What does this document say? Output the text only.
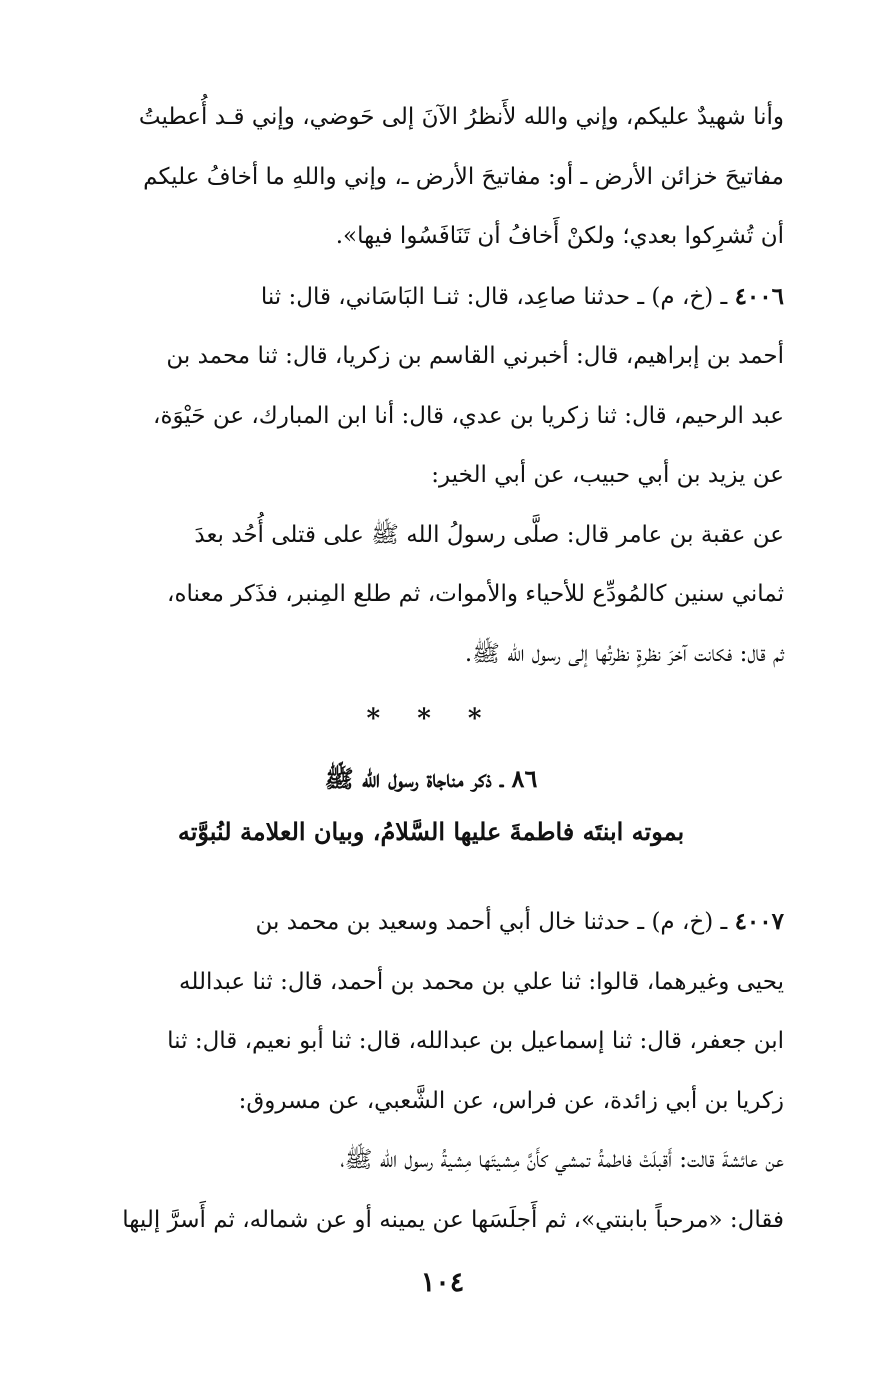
وأنا شهيدٌ عليكم، وإني والله لأَنظرُ الآنَ إلى حَوضي، وإني قـد أُعطيتُ
مفاتيحَ خزائن الأرض ـ أو: مفاتيحَ الأرض ـ، وإني واللهِ ما أخافُ عليكم
أن تُشرِكوا بعدي؛ ولكنْ أَخافُ أن تَنَافَسُوا فيها».
٤٠٠٦ ـ (خ، م) ـ حدثنا صاعِد، قال: ثنـا البَاسَاني، قال: ثنا
أحمد بن إبراهيم، قال: أخبرني القاسم بن زكريا، قال: ثنا محمد بن
عبد الرحيم، قال: ثنا زكريا بن عدي، قال: أنا ابن المبارك، عن حَيْوَة،
عن يزيد بن أبي حبيب، عن أبي الخير:
عن عقبة بن عامر قال: صلَّى رسولُ الله ﷺ على قتلى أُحُد بعدَ
ثماني سنين كالمُودِّع للأحياء والأموات، ثم طلع المِنبر، فذَكر معناه،
ثم قال: فكانت آخرَ نظرةٍ نظرتُها إلى رسول الله ﷺ.
* * *
٨٦ ـ ذكر مناجاة رسول الله ﷺ
بموته ابنتَه فاطمةَ عليها السَّلامُ، وبيان العلامة لنُبوَّته
٤٠٠٧ ـ (خ، م) ـ حدثنا خال أبي أحمد وسعيد بن محمد بن
يحيى وغيرهما، قالوا: ثنا علي بن محمد بن أحمد، قال: ثنا عبدالله
ابن جعفر، قال: ثنا إسماعيل بن عبدالله، قال: ثنا أبو نعيم، قال: ثنا
زكريا بن أبي زائدة، عن فراس، عن الشَّعبي، عن مسروق:
عن عائشةَ قالت: أَقبلَتْ فاطمةُ تمشي كأَنَّ مِشيتَها مِشيةُ رسول الله ﷺ،
فقال: «مرحباً بابنتي»، ثم أَجلَسَها عن يمينه أو عن شماله، ثم أَسرَّ إليها
١٠٤
